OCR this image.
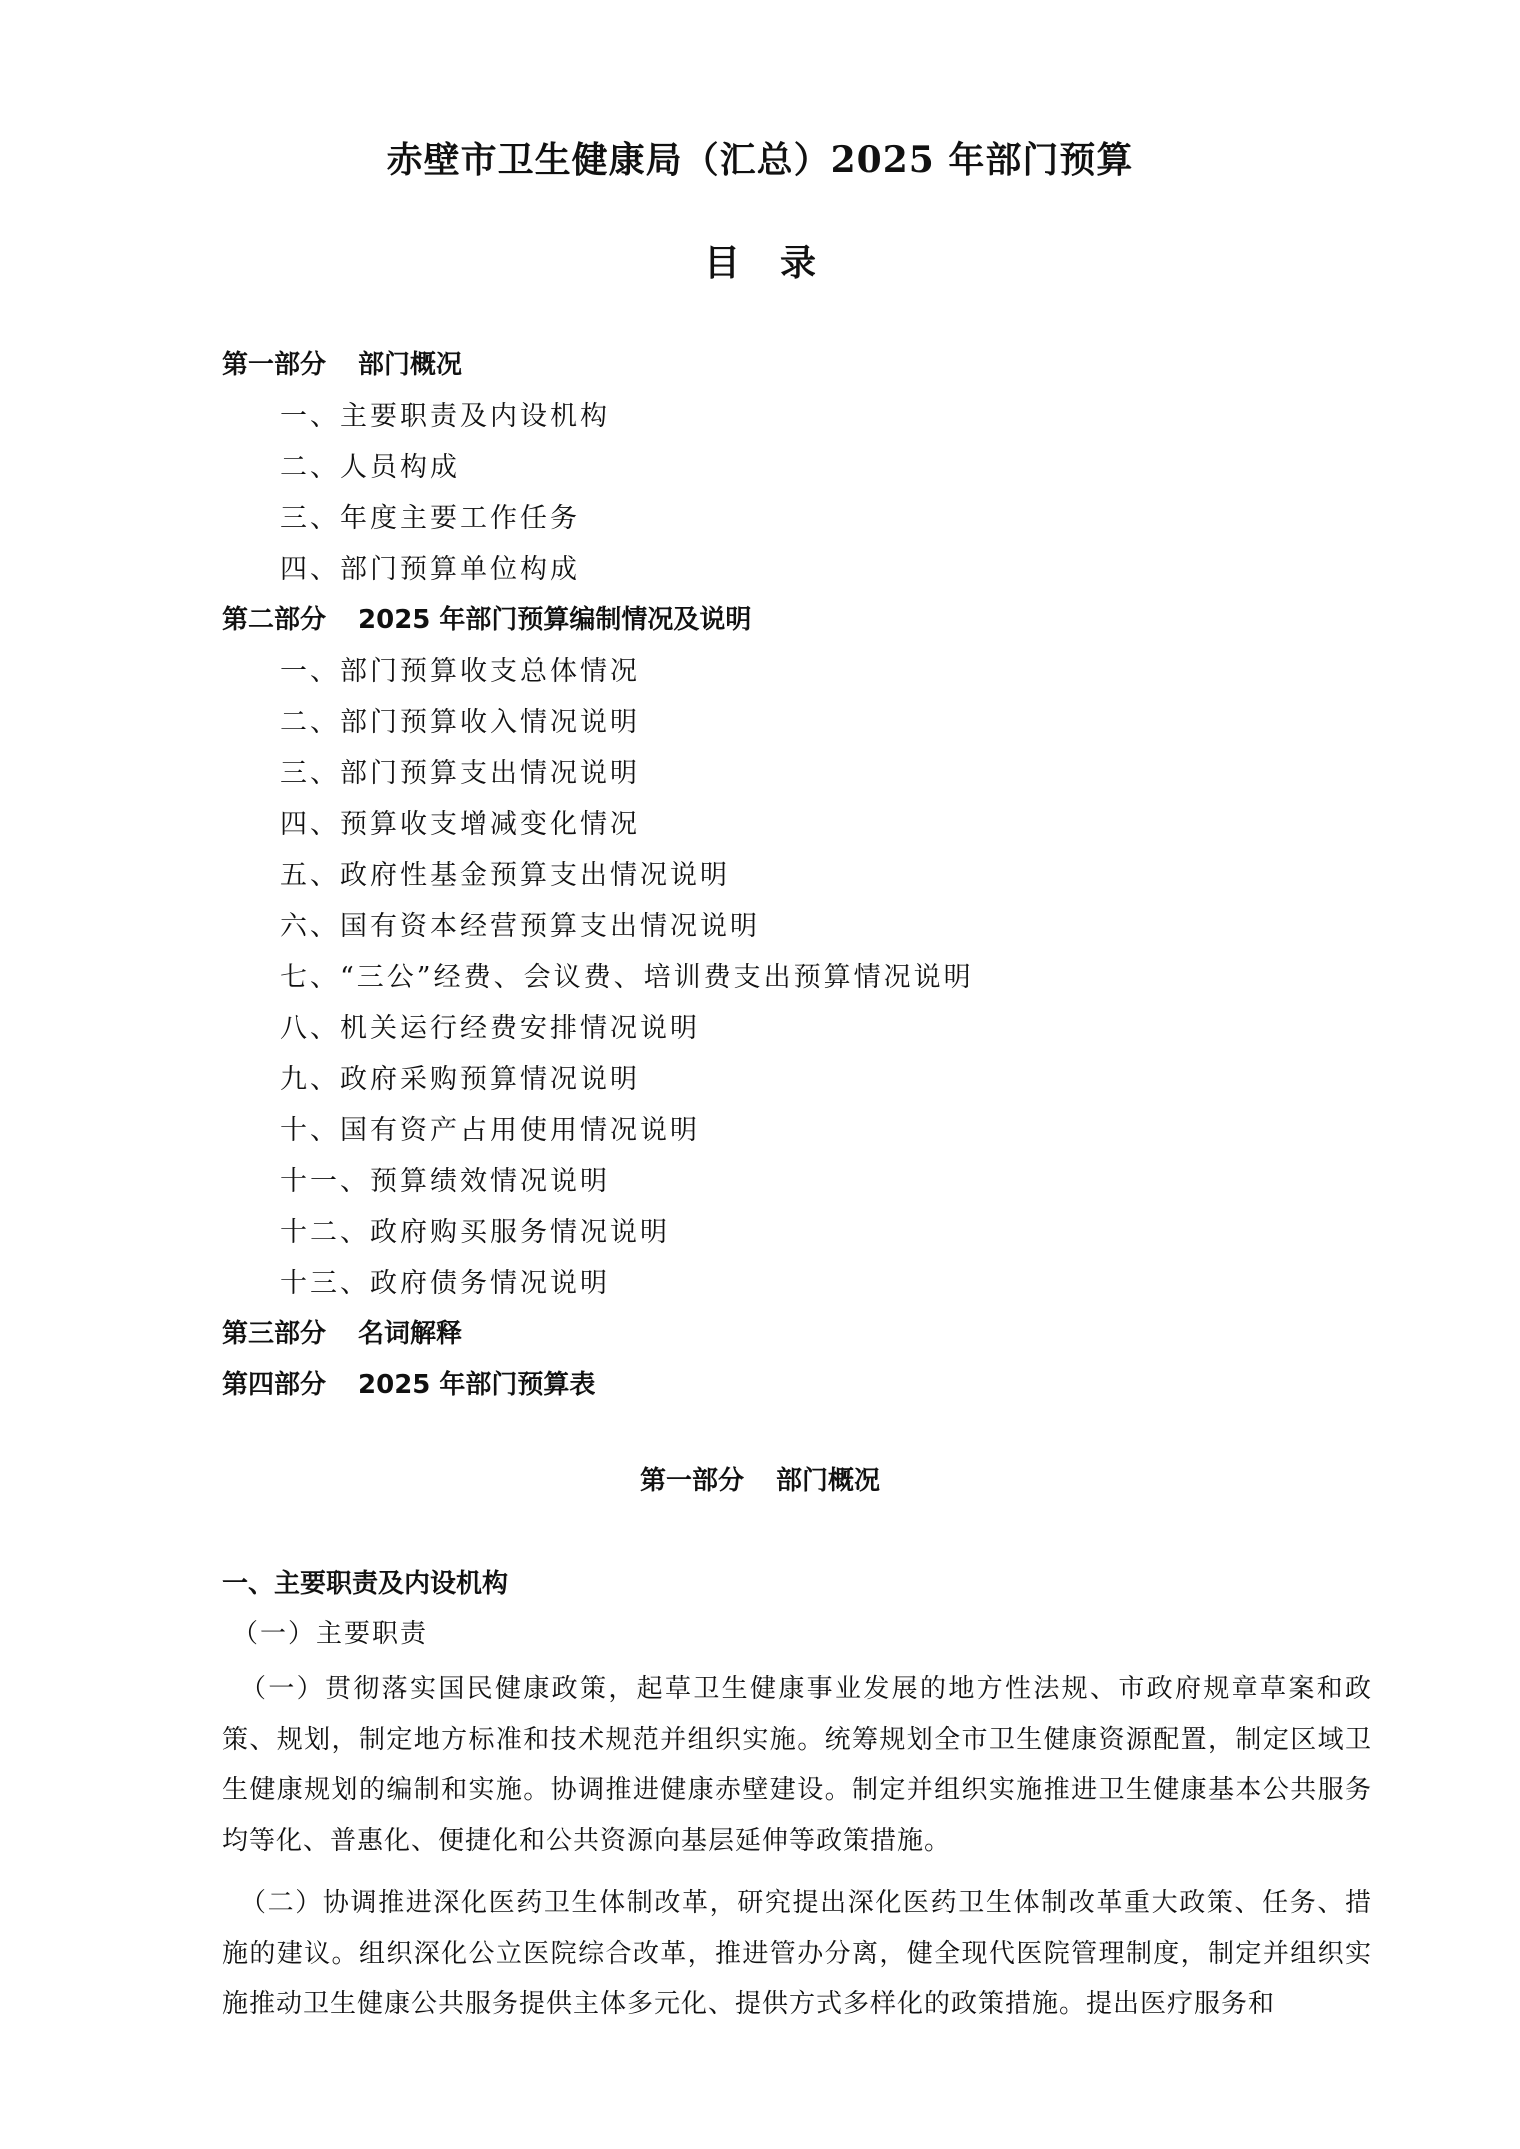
赤壁市卫生健康局（汇总）2025 年部门预算
目录
第一部分 部门概况
一、主要职责及内设机构
二、人员构成
三、年度主要工作任务
四、部门预算单位构成
第二部分 2025 年部门预算编制情况及说明
一、部门预算收支总体情况
二、部门预算收入情况说明
三、部门预算支出情况说明
四、预算收支增减变化情况
五、政府性基金预算支出情况说明
六、国有资本经营预算支出情况说明
七、“三公”经费、会议费、培训费支出预算情况说明
八、机关运行经费安排情况说明
九、政府采购预算情况说明
十、国有资产占用使用情况说明
十一、预算绩效情况说明
十二、政府购买服务情况说明
十三、政府债务情况说明
第三部分 名词解释
第四部分 2025 年部门预算表
第一部分 部门概况
一、主要职责及内设机构
（一）主要职责

（一）贯彻落实国民健康政策，起草卫生健康事业发展的地方性法规、市政府规章草案和政策、规划，制定地方标准和技术规范并组织实施。统筹规划全市卫生健康资源配置，制定区域卫生健康规划的编制和实施。协调推进健康赤壁建设。制定并组织实施推进卫生健康基本公共服务均等化、普惠化、便捷化和公共资源向基层延伸等政策措施。

（二）协调推进深化医药卫生体制改革，研究提出深化医药卫生体制改革重大政策、任务、措施的建议。组织深化公立医院综合改革，推进管办分离，健全现代医院管理制度，制定并组织实施推动卫生健康公共服务提供主体多元化、提供方式多样化的政策措施。提出医疗服务和
